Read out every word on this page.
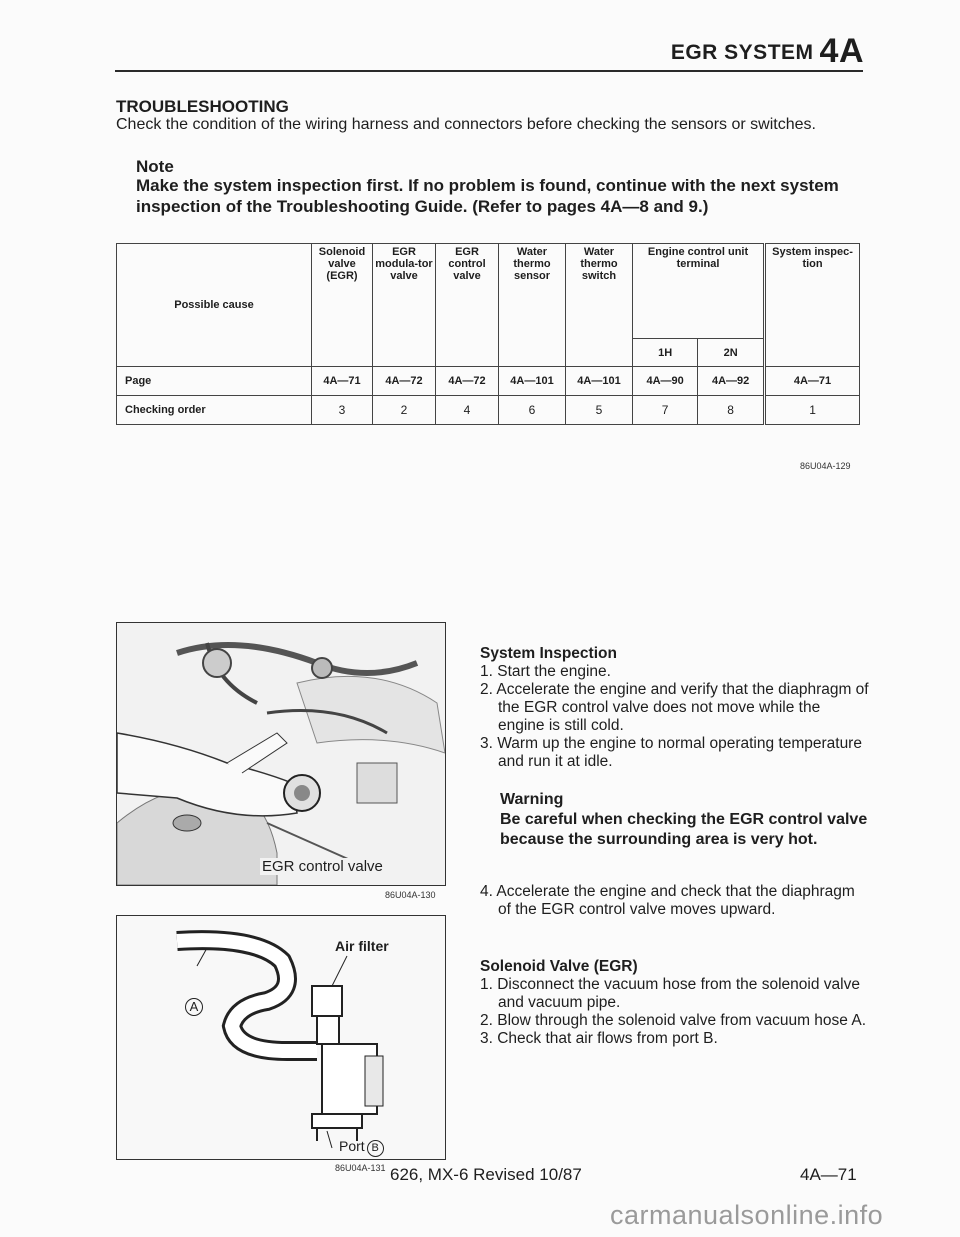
EGR SYSTEM 4A
TROUBLESHOOTING
Check the condition of the wiring harness and connectors before checking the sensors or switches.
Note
Make the system inspection first. If no problem is found, continue with the next system inspection of the Troubleshooting Guide. (Refer to pages 4A—8 and 9.)
Possible cause	Solenoid valve (EGR)	EGR modula-tor valve	EGR control valve	Water thermo sensor	Water thermo switch	Engine control unit terminal		System inspec-tion
						1H	2N	
Page	4A—71	4A—72	4A—72	4A—101	4A—101	4A—90	4A—92	4A—71
Checking order	3	2	4	6	5	7	8	1
86U04A-129
EGR control valve
86U04A-130
Air filter
A
Port B
86U04A-131
System Inspection
1. Start the engine.
2. Accelerate the engine and verify that the diaphragm of the EGR control valve does not move while the engine is still cold.
3. Warm up the engine to normal operating temperature and run it at idle.
Warning
Be careful when checking the EGR control valve because the surrounding area is very hot.
4. Accelerate the engine and check that the diaphragm of the EGR control valve moves upward.
Solenoid Valve (EGR)
1. Disconnect the vacuum hose from the solenoid valve and vacuum pipe.
2. Blow through the solenoid valve from vacuum hose A.
3. Check that air flows from port B.
626, MX-6 Revised 10/87	4A—71
carmanualsonline.info
